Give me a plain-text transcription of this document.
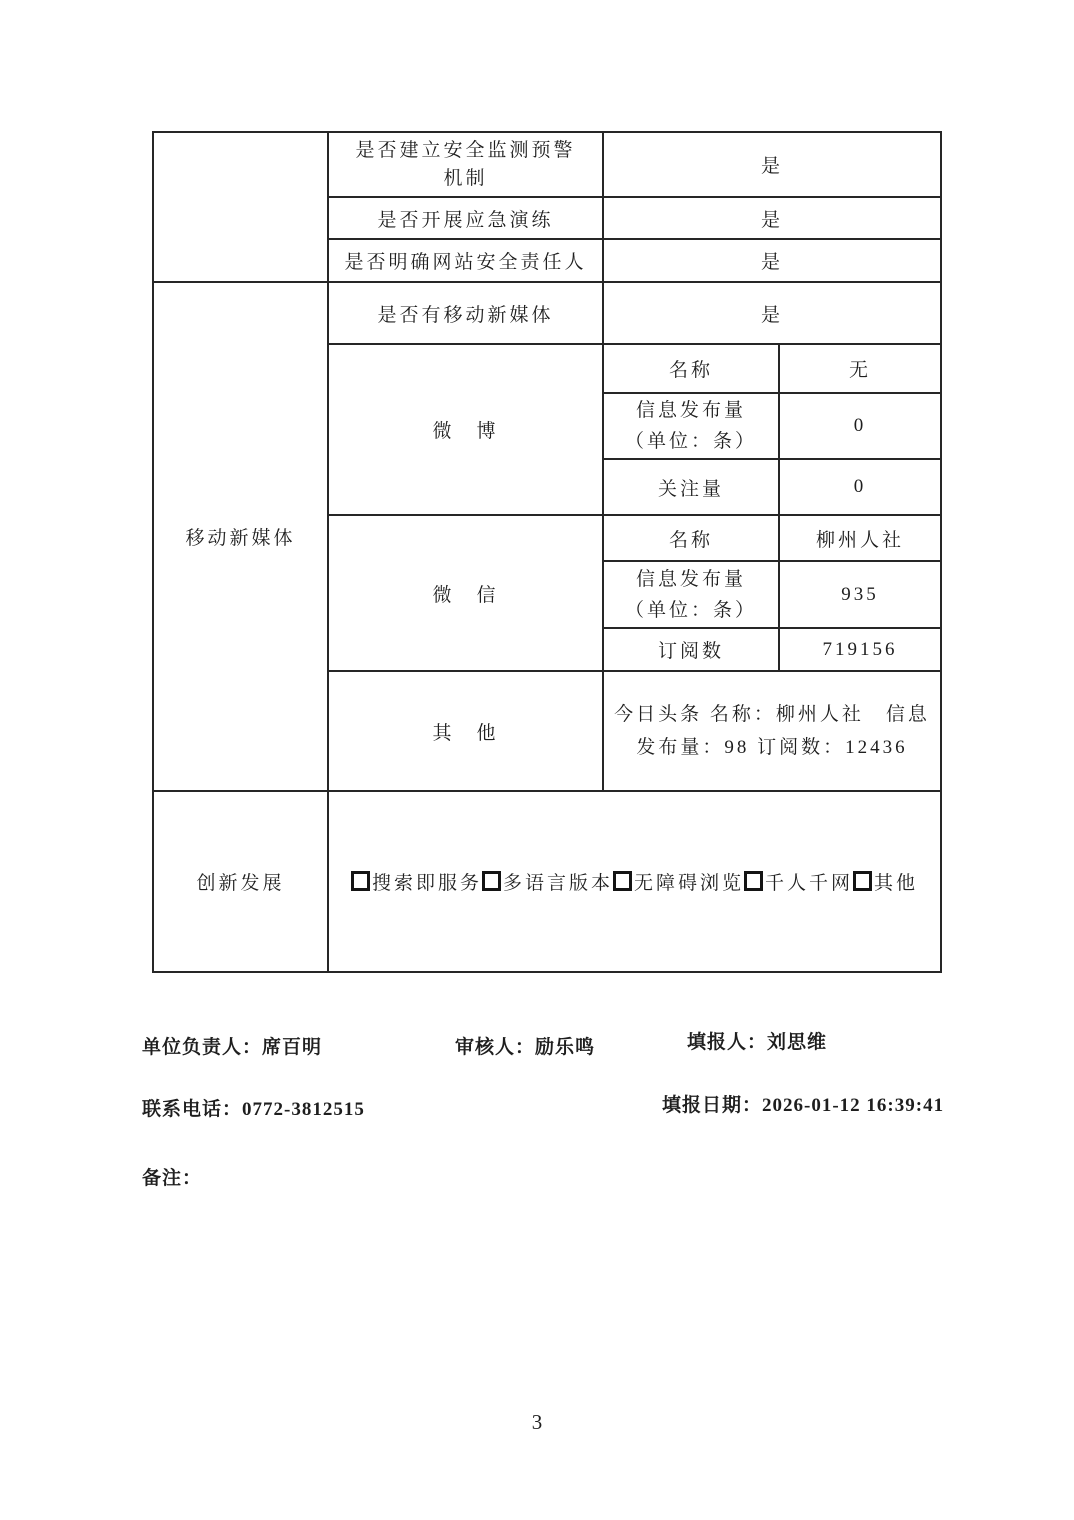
	是否建立安全监测预警机制	是	
	是否开展应急演练	是	
	是否明确网站安全责任人	是	
移动新媒体	是否有移动新媒体	是	
	微　博	名称	无

		信息发布量
（单位：条）	0
		关注量	0
	微　信	名称	柳州人社

		信息发布量
（单位：条）	935
		订阅数	719156
	其　他	今日头条 名称：柳州人社　信息
发布量：98 订阅数：12436	

创新发展	搜索即服务 多语言版本 无障碍浏览 千人千网 其他		
单位负责人：席百明	审核人：励乐鸣	填报人：刘思维
联系电话：0772-3812515	填报日期：2026-01-12 16:39:41
备注：
3
